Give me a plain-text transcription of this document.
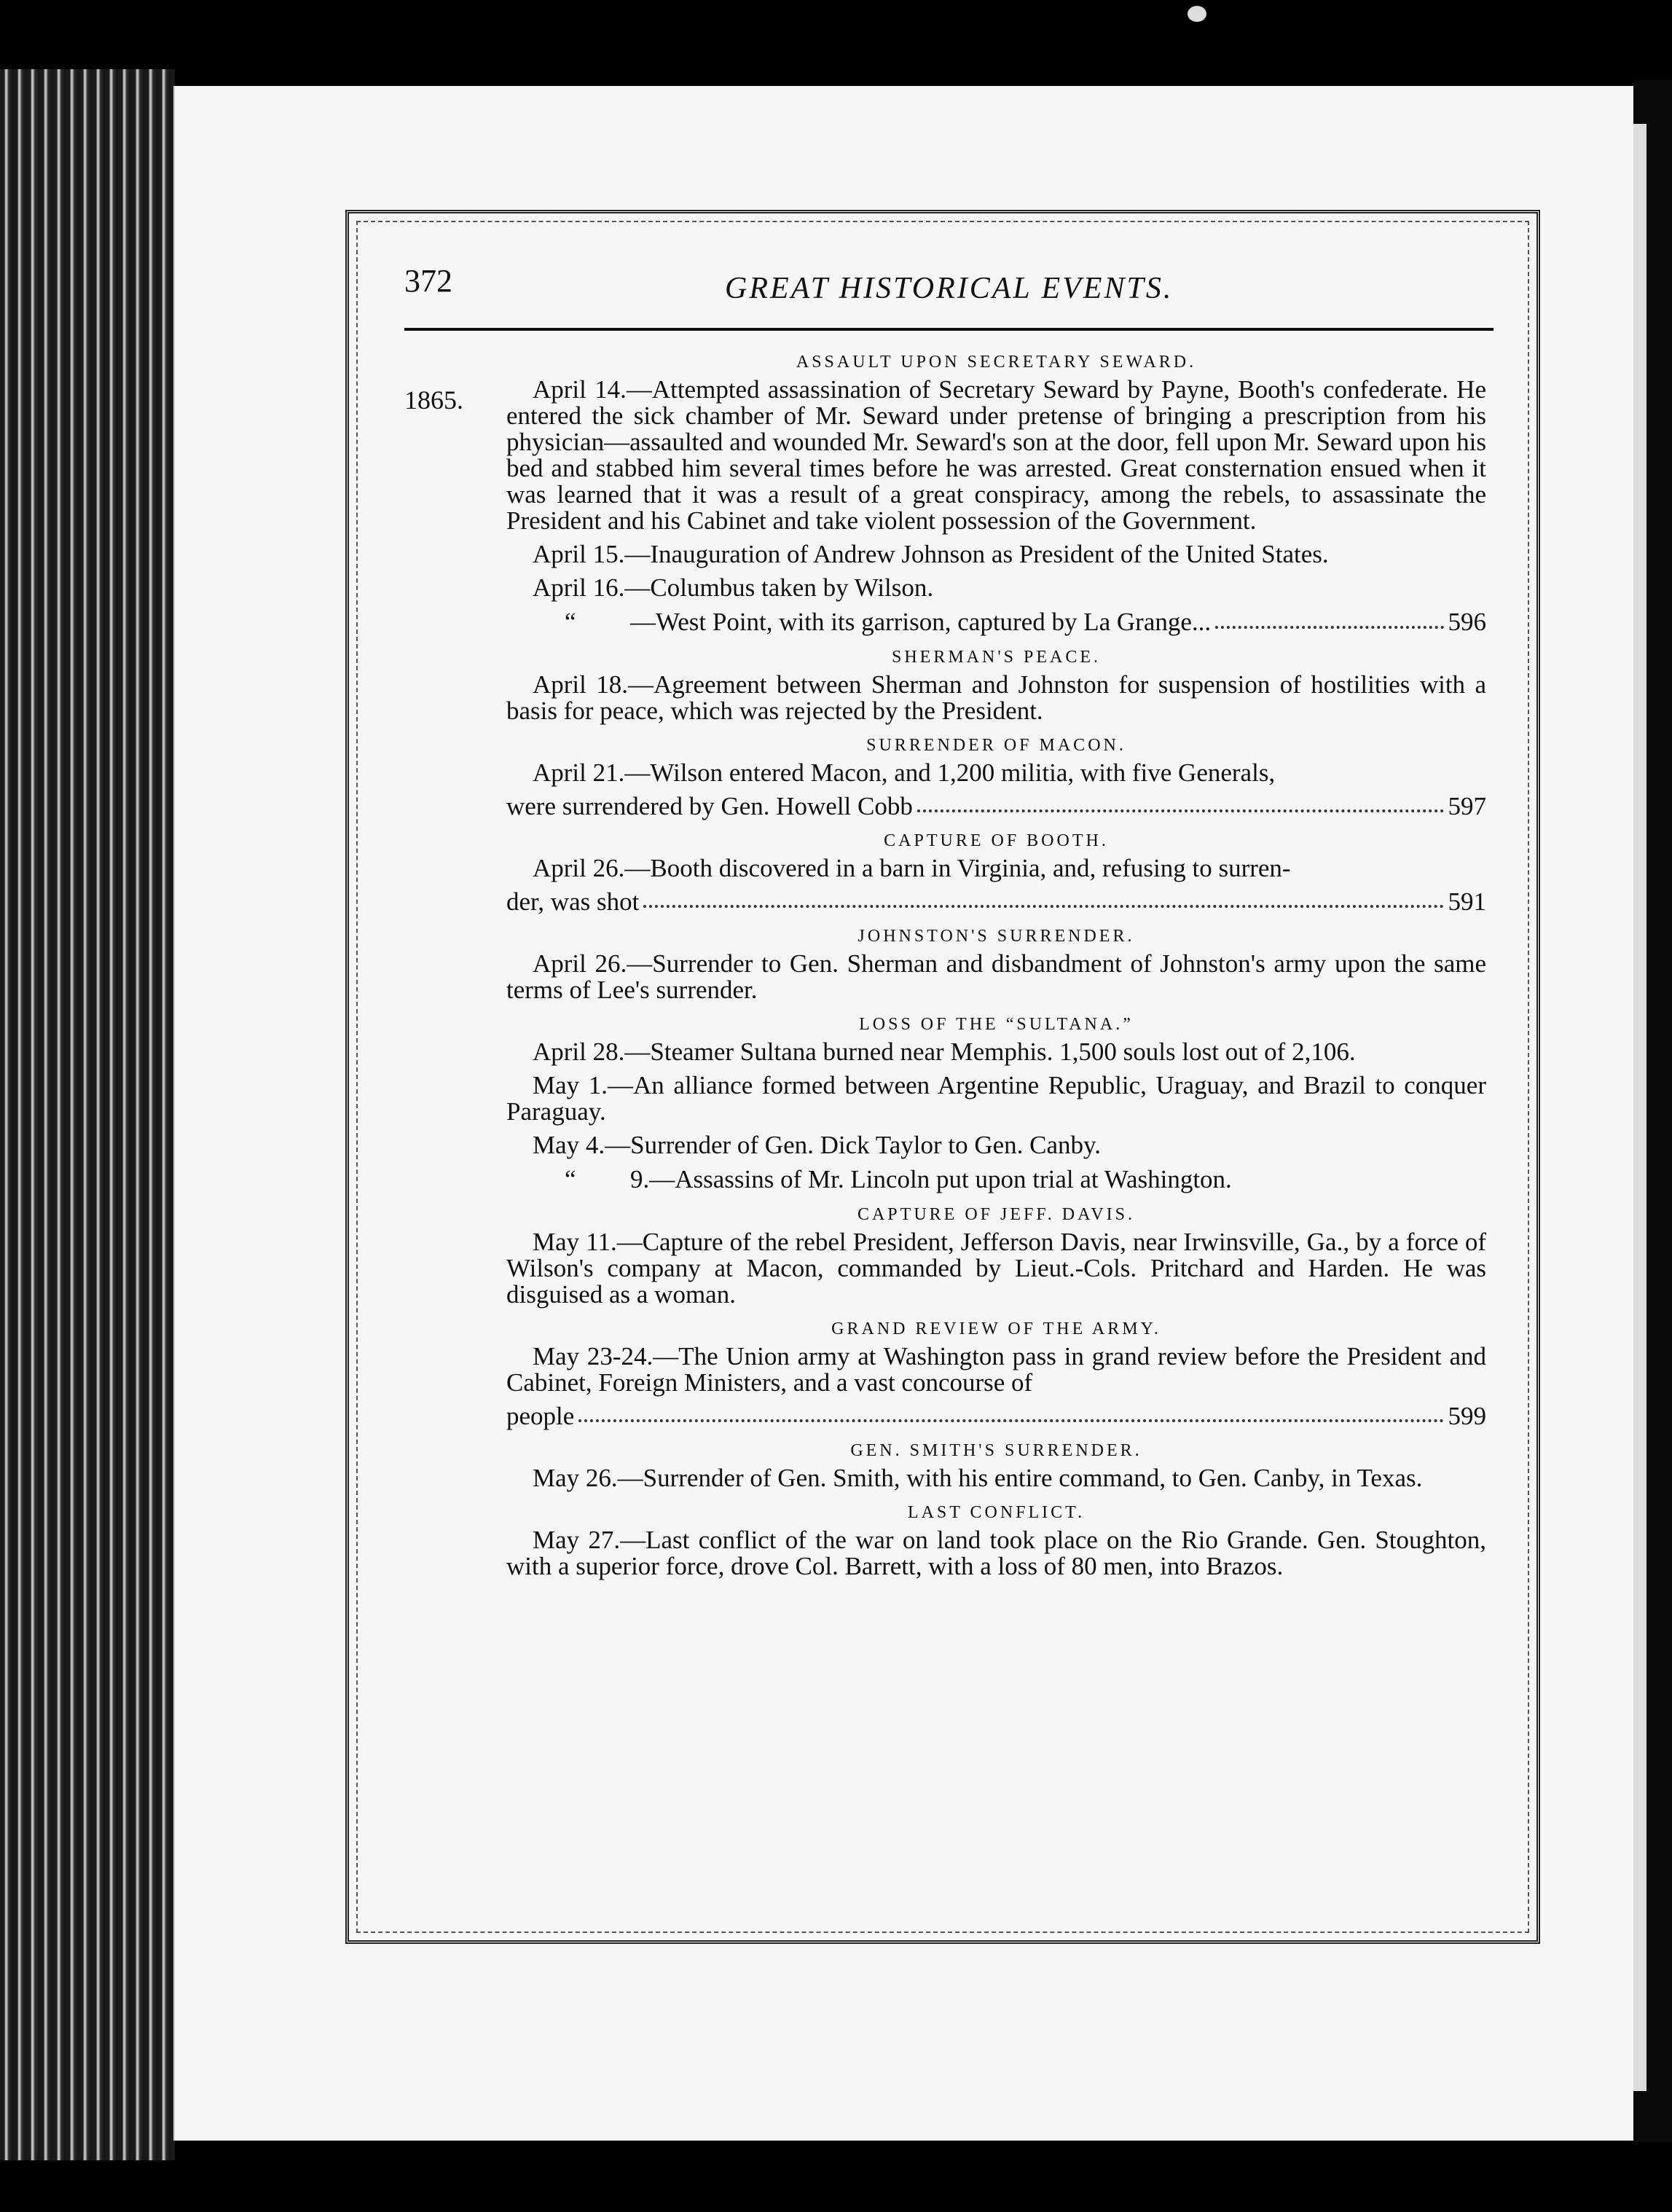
372	GREAT HISTORICAL EVENTS.
1865.
ASSAULT UPON SECRETARY SEWARD.
April 14.—Attempted assassination of Secretary Seward by Payne, Booth's confederate. He entered the sick chamber of Mr. Seward under pretense of bringing a prescription from his physician—assaulted and wounded Mr. Seward's son at the door, fell upon Mr. Seward upon his bed and stabbed him several times before he was arrested. Great consternation ensued when it was learned that it was a result of a great conspiracy, among the rebels, to assassinate the President and his Cabinet and take violent possession of the Government.
April 15.—Inauguration of Andrew Johnson as President of the United States.
April 16.—Columbus taken by Wilson.
“	—West Point, with its garrison, captured by La Grange...	596
SHERMAN'S PEACE.
April 18.—Agreement between Sherman and Johnston for suspension of hostilities with a basis for peace, which was rejected by the President.
SURRENDER OF MACON.
April 21.—Wilson entered Macon, and 1,200 militia, with five Generals,
were surrendered by Gen. Howell Cobb	597
CAPTURE OF BOOTH.
April 26.—Booth discovered in a barn in Virginia, and, refusing to surren-
der, was shot	591
JOHNSTON'S SURRENDER.
April 26.—Surrender to Gen. Sherman and disbandment of Johnston's army upon the same terms of Lee's surrender.
LOSS OF THE “SULTANA.”
April 28.—Steamer Sultana burned near Memphis. 1,500 souls lost out of 2,106.
May 1.—An alliance formed between Argentine Republic, Uraguay, and Brazil to conquer Paraguay.
May 4.—Surrender of Gen. Dick Taylor to Gen. Canby.
“ 9.—Assassins of Mr. Lincoln put upon trial at Washington.
CAPTURE OF JEFF. DAVIS.
May 11.—Capture of the rebel President, Jefferson Davis, near Irwinsville, Ga., by a force of Wilson's company at Macon, commanded by Lieut.-Cols. Pritchard and Harden. He was disguised as a woman.
GRAND REVIEW OF THE ARMY.
May 23-24.—The Union army at Washington pass in grand review before the President and Cabinet, Foreign Ministers, and a vast concourse of
people	599
GEN. SMITH'S SURRENDER.
May 26.—Surrender of Gen. Smith, with his entire command, to Gen. Canby, in Texas.
LAST CONFLICT.
May 27.—Last conflict of the war on land took place on the Rio Grande. Gen. Stoughton, with a superior force, drove Col. Barrett, with a loss of 80 men, into Brazos.
